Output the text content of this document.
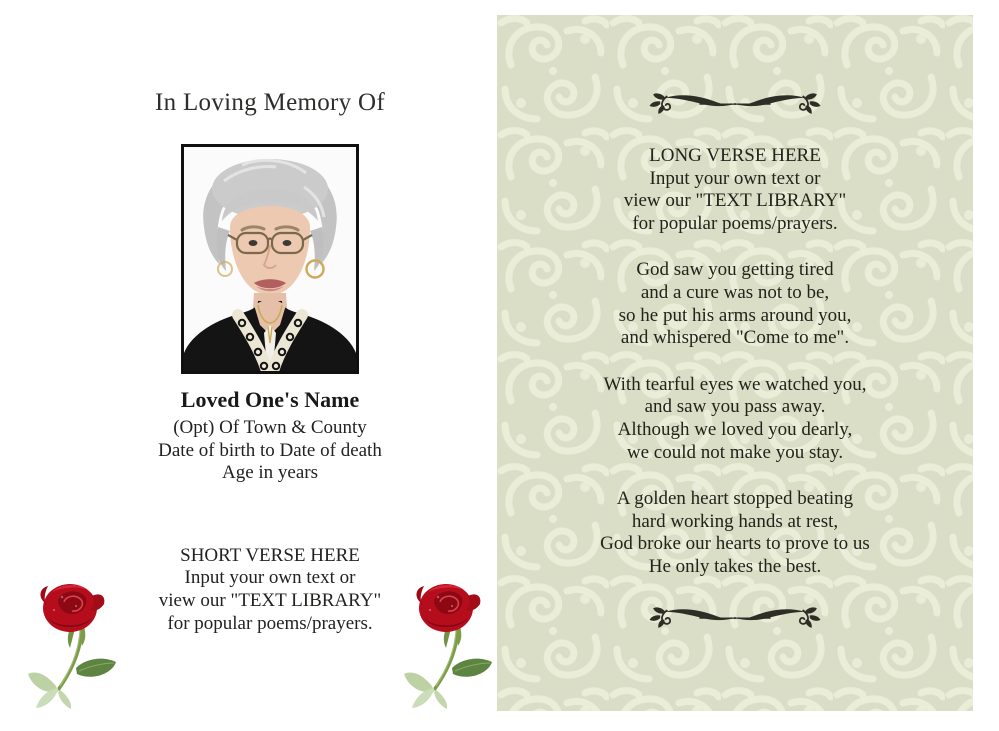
In Loving Memory Of
Loved One's Name
(Opt) Of Town & County
Date of birth to Date of death
Age in years
SHORT VERSE HERE
Input your own text or
view our "TEXT LIBRARY"
for popular poems/prayers.
LONG VERSE HERE
Input your own text or
view our "TEXT LIBRARY"
for popular poems/prayers.
God saw you getting tired
and a cure was not to be,
so he put his arms around you,
and whispered "Come to me".
With tearful eyes we watched you,
and saw you pass away.
Although we loved you dearly,
we could not make you stay.
A golden heart stopped beating
hard working hands at rest,
God broke our hearts to prove to us
He only takes the best.
